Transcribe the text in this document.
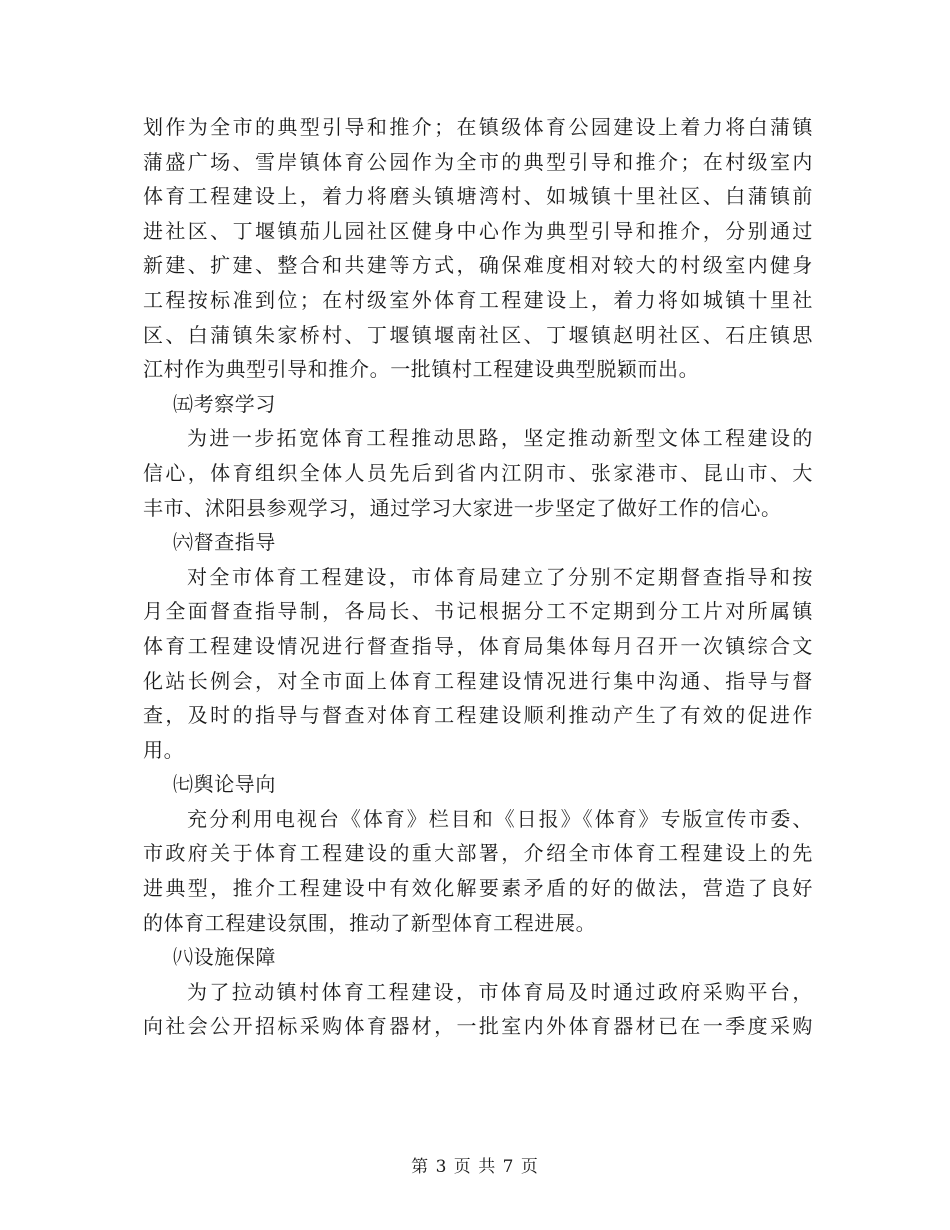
划作为全市的典型引导和推介；在镇级体育公园建设上着力将白蒲镇
蒲盛广场、雪岸镇体育公园作为全市的典型引导和推介；在村级室内
体育工程建设上，着力将磨头镇塘湾村、如城镇十里社区、白蒲镇前
进社区、丁堰镇茄儿园社区健身中心作为典型引导和推介，分别通过
新建、扩建、整合和共建等方式，确保难度相对较大的村级室内健身
工程按标准到位；在村级室外体育工程建设上，着力将如城镇十里社
区、白蒲镇朱家桥村、丁堰镇堰南社区、丁堰镇赵明社区、石庄镇思
江村作为典型引导和推介。一批镇村工程建设典型脱颖而出。
㈤考察学习
为进一步拓宽体育工程推动思路，坚定推动新型文体工程建设的
信心，体育组织全体人员先后到省内江阴市、张家港市、昆山市、大
丰市、沭阳县参观学习，通过学习大家进一步坚定了做好工作的信心。
㈥督查指导
对全市体育工程建设，市体育局建立了分别不定期督查指导和按
月全面督查指导制，各局长、书记根据分工不定期到分工片对所属镇
体育工程建设情况进行督查指导，体育局集体每月召开一次镇综合文
化站长例会，对全市面上体育工程建设情况进行集中沟通、指导与督
查，及时的指导与督查对体育工程建设顺利推动产生了有效的促进作
用。
㈦舆论导向
充分利用电视台《体育》栏目和《日报》《体育》专版宣传市委、
市政府关于体育工程建设的重大部署，介绍全市体育工程建设上的先
进典型，推介工程建设中有效化解要素矛盾的好的做法，营造了良好
的体育工程建设氛围，推动了新型体育工程进展。
㈧设施保障
为了拉动镇村体育工程建设，市体育局及时通过政府采购平台，
向社会公开招标采购体育器材，一批室内外体育器材已在一季度采购
第 3 页 共 7 页
